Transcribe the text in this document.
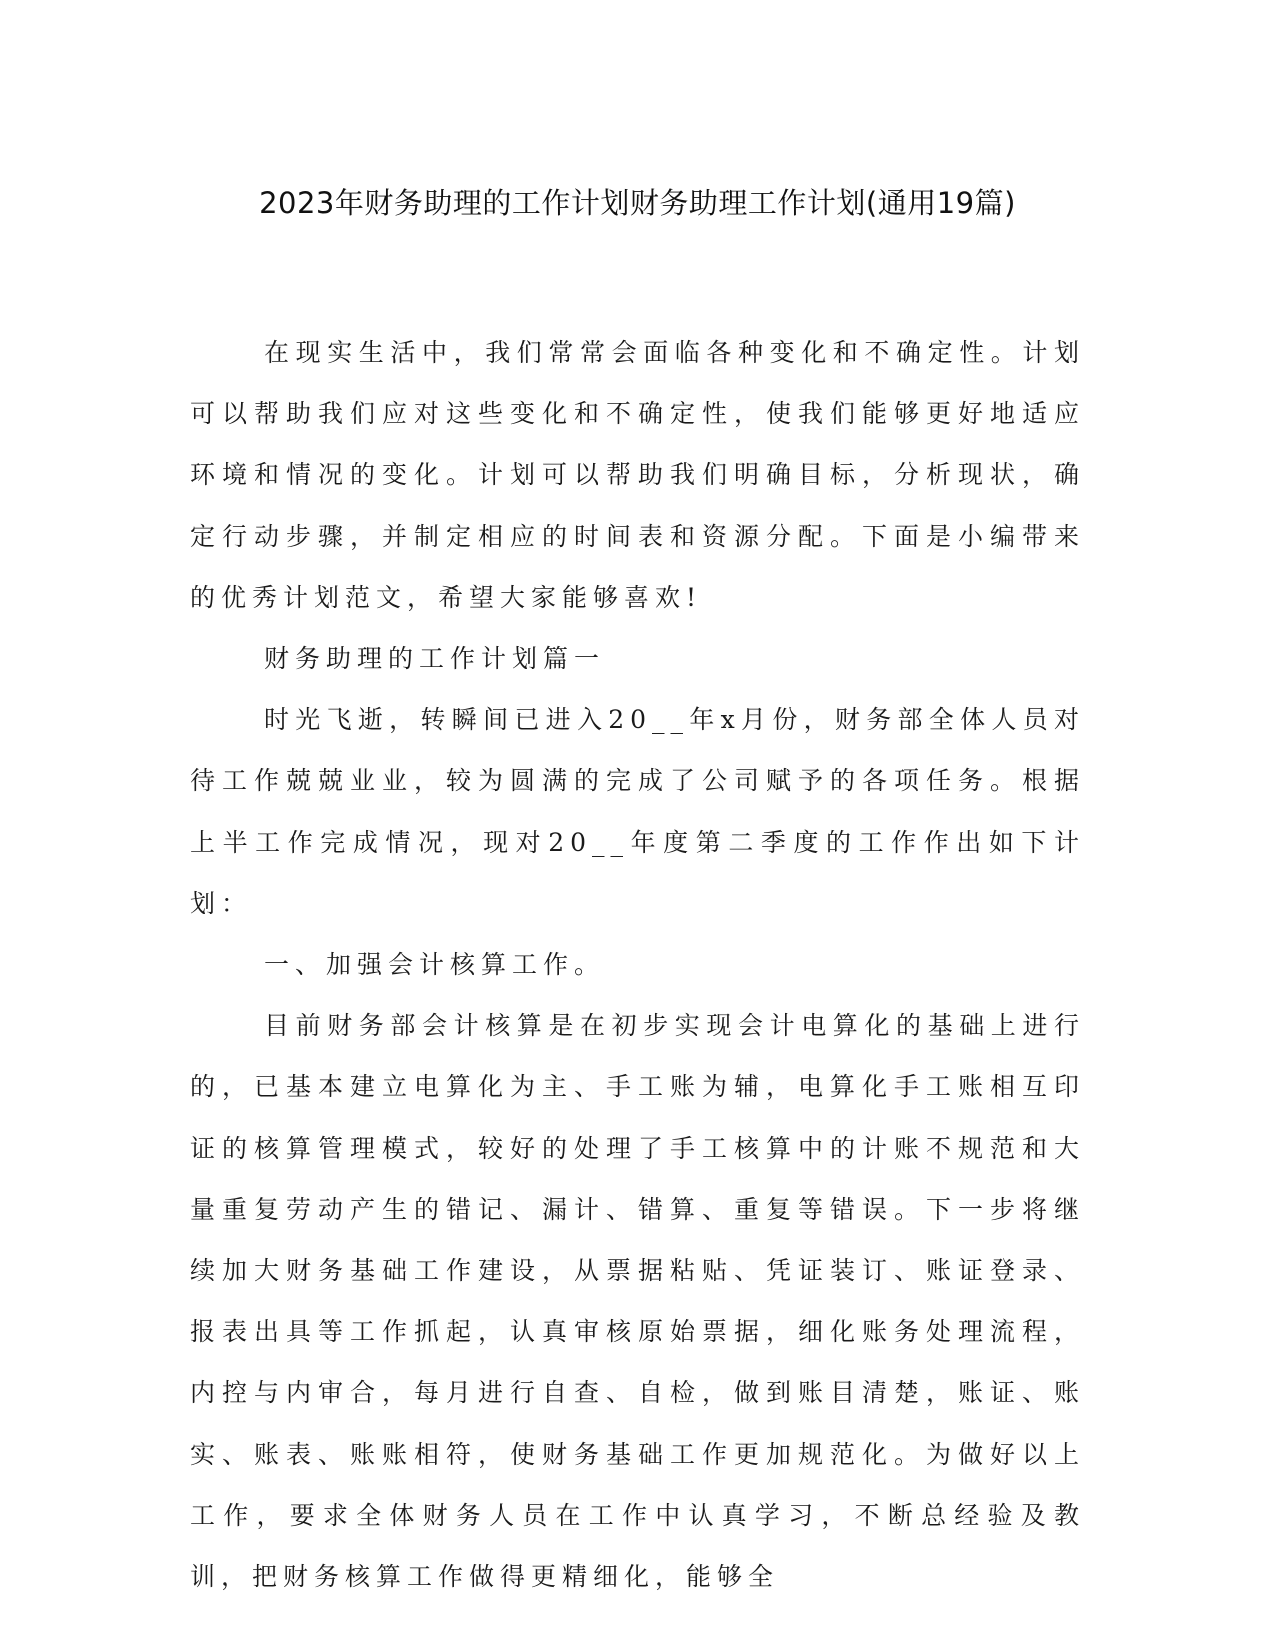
2023年财务助理的工作计划财务助理工作计划(通用19篇)

在现实生活中，我们常常会面临各种变化和不确定性。计划可以帮助我们应对这些变化和不确定性，使我们能够更好地适应环境和情况的变化。计划可以帮助我们明确目标，分析现状，确定行动步骤，并制定相应的时间表和资源分配。下面是小编带来的优秀计划范文，希望大家能够喜欢!

财务助理的工作计划篇一

时光飞逝，转瞬间已进入20__年x月份，财务部全体人员对待工作兢兢业业，较为圆满的完成了公司赋予的各项任务。根据上半工作完成情况，现对20__年度第二季度的工作作出如下计划：

一、加强会计核算工作。

目前财务部会计核算是在初步实现会计电算化的基础上进行的，已基本建立电算化为主、手工账为辅，电算化手工账相互印证的核算管理模式，较好的处理了手工核算中的计账不规范和大量重复劳动产生的错记、漏计、错算、重复等错误。下一步将继续加大财务基础工作建设，从票据粘贴、凭证装订、账证登录、报表出具等工作抓起，认真审核原始票据，细化账务处理流程，内控与内审合，每月进行自查、自检，做到账目清楚，账证、账实、账表、账账相符，使财务基础工作更加规范化。为做好以上工作，要求全体财务人员在工作中认真学习，不断总经验及教训，把财务核算工作做得更精细化，能够全
